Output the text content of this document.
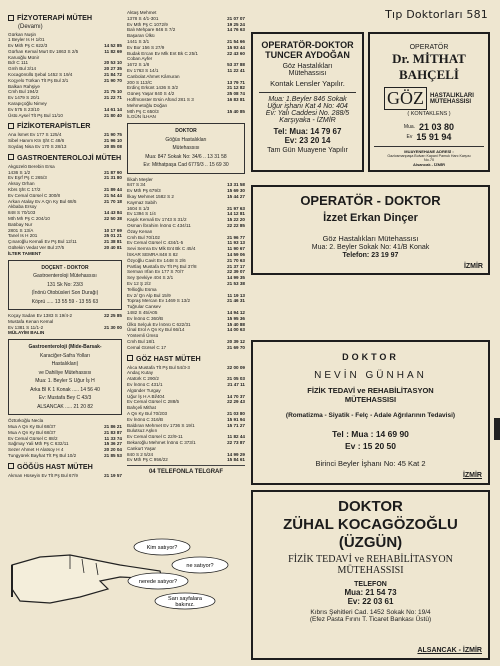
Tıp Doktorları 581
FİZYOTERAPİ MÜTEH
(Devamı)
Gürkan Nuşin
1 Beyler Is H 1/01
Ev Mith Pş C 622/3	14 52 85
Gürhan Kemal Murt Ev 1863 S 2/5	11 82 69
Karuoğlu Münir
Bdr C 111	20 53 10
Gmh Bul 3/14	20 27 35
Kocagönüllü Şebal 1452 S 19/4	21 84 72
Koçyelo Türkan Tlt Pş Bul 3/1	21 90 70
Balkan Rahşiye
Cmh Bul 194/2	21 75 10
Ev 1479 S 20/1	21 22 71
Karapıçoğlu Nimey
Ev 575 S 23/10	14 61 14
Üstü Aysel Tlt Pş Bul 11/10	21 80 40
FİZİKOTERAPİSTLER
Ana İsmet Ev 177 S 125/4	21 90 75
Sibel Hanım Ktn Şht C 48/6	21 96 10
Soydaş Nisa Ev 170 S 28/13	20 85 08
GASTROENTEROLOJİ MÜTEH
Akgüzelö Berebin Ersa
1436 S 1/2	21 87 90
Ev Eşrf Pş C 265/3	21 31 80
Aksoy Orhan
Kbrs Şht C 17/2	21 89 44
Ev Cemal Gürsel C 300/8	21 54 44
Arkan Atalay Ev A Qn Ky Bul 68/5	21 70 18
Akbaba Ersoy
848 S 70/103	14 43 84
Mth Mh Pş C 204/10	22 50 38
Batıbay Nur
2801 S 13/A	10 17 69
Tanel Is H 201	25 01 21
Çınaroğlu Kemali Ev Pş Bul 12/11	21 38 81
Gültekin Vedat Ver Bul 27/5	20 40 81
İLTER TAMENT
DOÇENT - DOKTOR
Gastroenteroloji Mütehassısı
131 Sk No: 23/3
(İnönü Otobüsleri Son Durağı)
Köprü ..... 13 55 59 - 13 55 63
Koçay Sadan Ev 1383 S 19/4-2	22 25 85
Mustafa Kenan Kemal
Ev 1381 S 11/1-2	21 30 00
MÜLAYİM BALIN
Gastroenteroloji (Mide-Barsak-
Karaciğer-Safra Yolları
Hastalıkları)
ve Dahiliye Mütehassısı
Mua: 1. Beyler S Uğur İş H
Arka Bl K 1 Konak ..... 14 56 40
Ev: Mustafa Bey C 43/3
ALSANCAK ..... 21 20 82
Öztürkoğlu Necla
Mua A Qn Ky Bul 68/37	21 86 21
Mua A Qn Ky Bul 68/37	21 83 87
Ev Cemal Gürsel C 88/2	11 33 74
Sağmay Yali Mth Pş C 632/11	15 36 27
Sezer Ahmet H Alatsoy H 4	20 20 04
Tungyürek Bayhat Tlt Pş Bul 10/2	21 85 53
GÖĞÜS HAST MÜTEH
Akman Hüseyin Ev Tlt Pş Bul 67/9	21 19 57
Aktaş Mehmet
1378 S 4/1-301	21 07 07
Ev Mth Pş C 1072/9	19 25 24
Balı Mehpare 846 S 7/2	14 76 63
Başaran Ülkü
1441 S 3/1	21 54 66
Ev Bor 156 S 27/9	15 93 44
Budak Ercan Ev Mlk Ent Bk C 25/1	22 43 60
Coban Ayfer
1672 S 1/8	53 37 88
Ev 1763 S 14/1	11 22 41
Canbolat Ahmet Kâmuran
200 S 113/C	13 79 71
Erdinç Erkünt 1436 S 3/2	21 12 82
Güneş Yaşar 840 S 4/2	25 08 74
Hoffmünster Ersin Afünd 281 S 3	16 83 81
Mehmetoğlu Doğan
Mth Pş C 650/3	15 40 85
İLGÜN İLHAN
DOKTOR
Göğüs Hastalıkları
Mütehassısı
Mua: 847 Sokak No: 34/6 .. 13 31 58
Ev: Mithatpaşa Cad 6779/3 .. 15 69 30
İlikah Meşler
847 S 34	13 31 58
Ev Mth Pş 679/3	15 69 30
İlkay Mehmet 1582 S 2	15 44 27
Kaymaz Sabih
1604 S 1/3	21 97 63
Ev 1394 S 1/4	14 12 81
Kaşık Kemali Ev 1743 S 31/2	15 22 20
Osman İbrahim İnönü C 434/11	22 22 85
Özay Kenan
Cmh Bul 70/102	21 96 77
Ev Cemal Gürsel C 434/1-5	11 93 13
Sevi Semra Ev Mlk Ent Bk C 45/4	11 90 67
İSKAR SEMRA 848 S 82	14 59 06
Özyoğlu Cavit Ev 1448 S 2/6	21 70 63
Partlaş Mustafa Ev Tlt Pş Bul 37/8	21 37 17
Serman Irfan Ev 177 S 70/7	22 39 07
Sey Şevkiye 404 S 2/1	14 99 35
Ev 12 Ş 2/2	21 53 38
Tellioğlu Esma
Ev 2/ Qn Alp Bul 15/9	11 19 13
Topraş Mercan Ev 1469 S 13/2	21 46 31
Tuğrular Cansev
1482 S 45/A05	14 94 12
Ev İnönü C 360/B	15 95 36
Ülkü Selçuk Ev İnönü C 622/31	15 40 88
Ünal Erol A Qn Ky Bul 66/14	14 00 63
Yöntemli Ümsü
Cmh Bul 18/1	20 39 12
Cemal Gürsel C 17	21 69 70
GÖZ HAST MÜTEH
Alıca Mustafa Tlt Pş Bul 54/3-3	22 00 09
Andaç Kutay
Atatürk C 290/2	21 05 03
Ev İnönü C 431/1	21 47 11
Algünder Turgay
Uğur İş H A Bl/404	14 70 37
Ev Cemal Gürsel C 288/5	22 29 43
Bahçeli Mithat
A Qn Ky Bul 70/203	21 03 80
Ev İnönü C 316/B	15 91 94
Baldıran Mehmet Ev 1736 S 19/1	15 71 27
Bulutsuz Aşkın
Ev Cemal Gürsel C 22/9-11	11 82 44
Bekaroğlu Mehmet İnönü C 373/1	22 73 87
Cankurt Yaşar
840 S 2 5/24	14 99 29
Ev Mth Pş C 956/22	15 84 61
04 TELEFONLA TELGRAF
OPERATÖR-DOKTOR
TUNCER AYDOĞAN
Göz Hastalıkları
Mütehassısı
Kontak Lensler Yapılır.
Mua: 1.Beyler 846 Sokak
Uğur işhanı Kat 4 No: 404
Ev: Yalı Caddesi No. 288/5
Karşıyaka - İZMİR
Tel: Mua: 14 79 67
Ev: 23 20 14
Tam Gün Muayene Yapılır
OPERATÖR
Dr. MİTHAT
BAHÇELİ
GÖZ	HASTALIKLARI
MÜTEHASSISI
( KONTAKLENS )
Mua. 21 03 80
Ev 15 91 94
MUAYENEHANE ADRESİ :
Gaziosmanpaşa Bulvarı Kapani Pamuk Hanı Karşısı
No.70
Alsancak - İZMİR
OPERATÖR - DOKTOR
İzzet Erkan Dinçer
Göz Hastalıkları Mütehassısı
Mua: 2. Beyler Sokak No: 41/B Konak
Telefon: 23 19 97
İZMİR
DOKTOR
NEVİN GÜNHAN
FİZİK TEDAVİ ve REHABİLİTASYON
MÜTEHASSISI
(Romatizma - Siyatik - Felç - Adale Ağrılarının Tedavisi)
Tel : Mua : 14 69 90
Ev : 15 20 50
Birinci Beyler İşhanı No: 45 Kat 2
İZMİR
DOKTOR
ZÜHAL KOCAGÖZOĞLU
(ÜZGÜN)
FİZİK TEDAVİ ve REHABİLİTASYON
MÜTEHASSISI
TELEFON
Mua: 21 54 73
Ev: 22 03 61
Kıbrıs Şehitleri Cad. 1452 Sokak No: 19/4
(Efez Pasta Fırını T. Ticaret Bankası Üstü)
ALSANCAK - İZMİR
Kim satıyor?
ne satıyor?
nerede satıyor?
Sarı sayfalara
bakınız.
